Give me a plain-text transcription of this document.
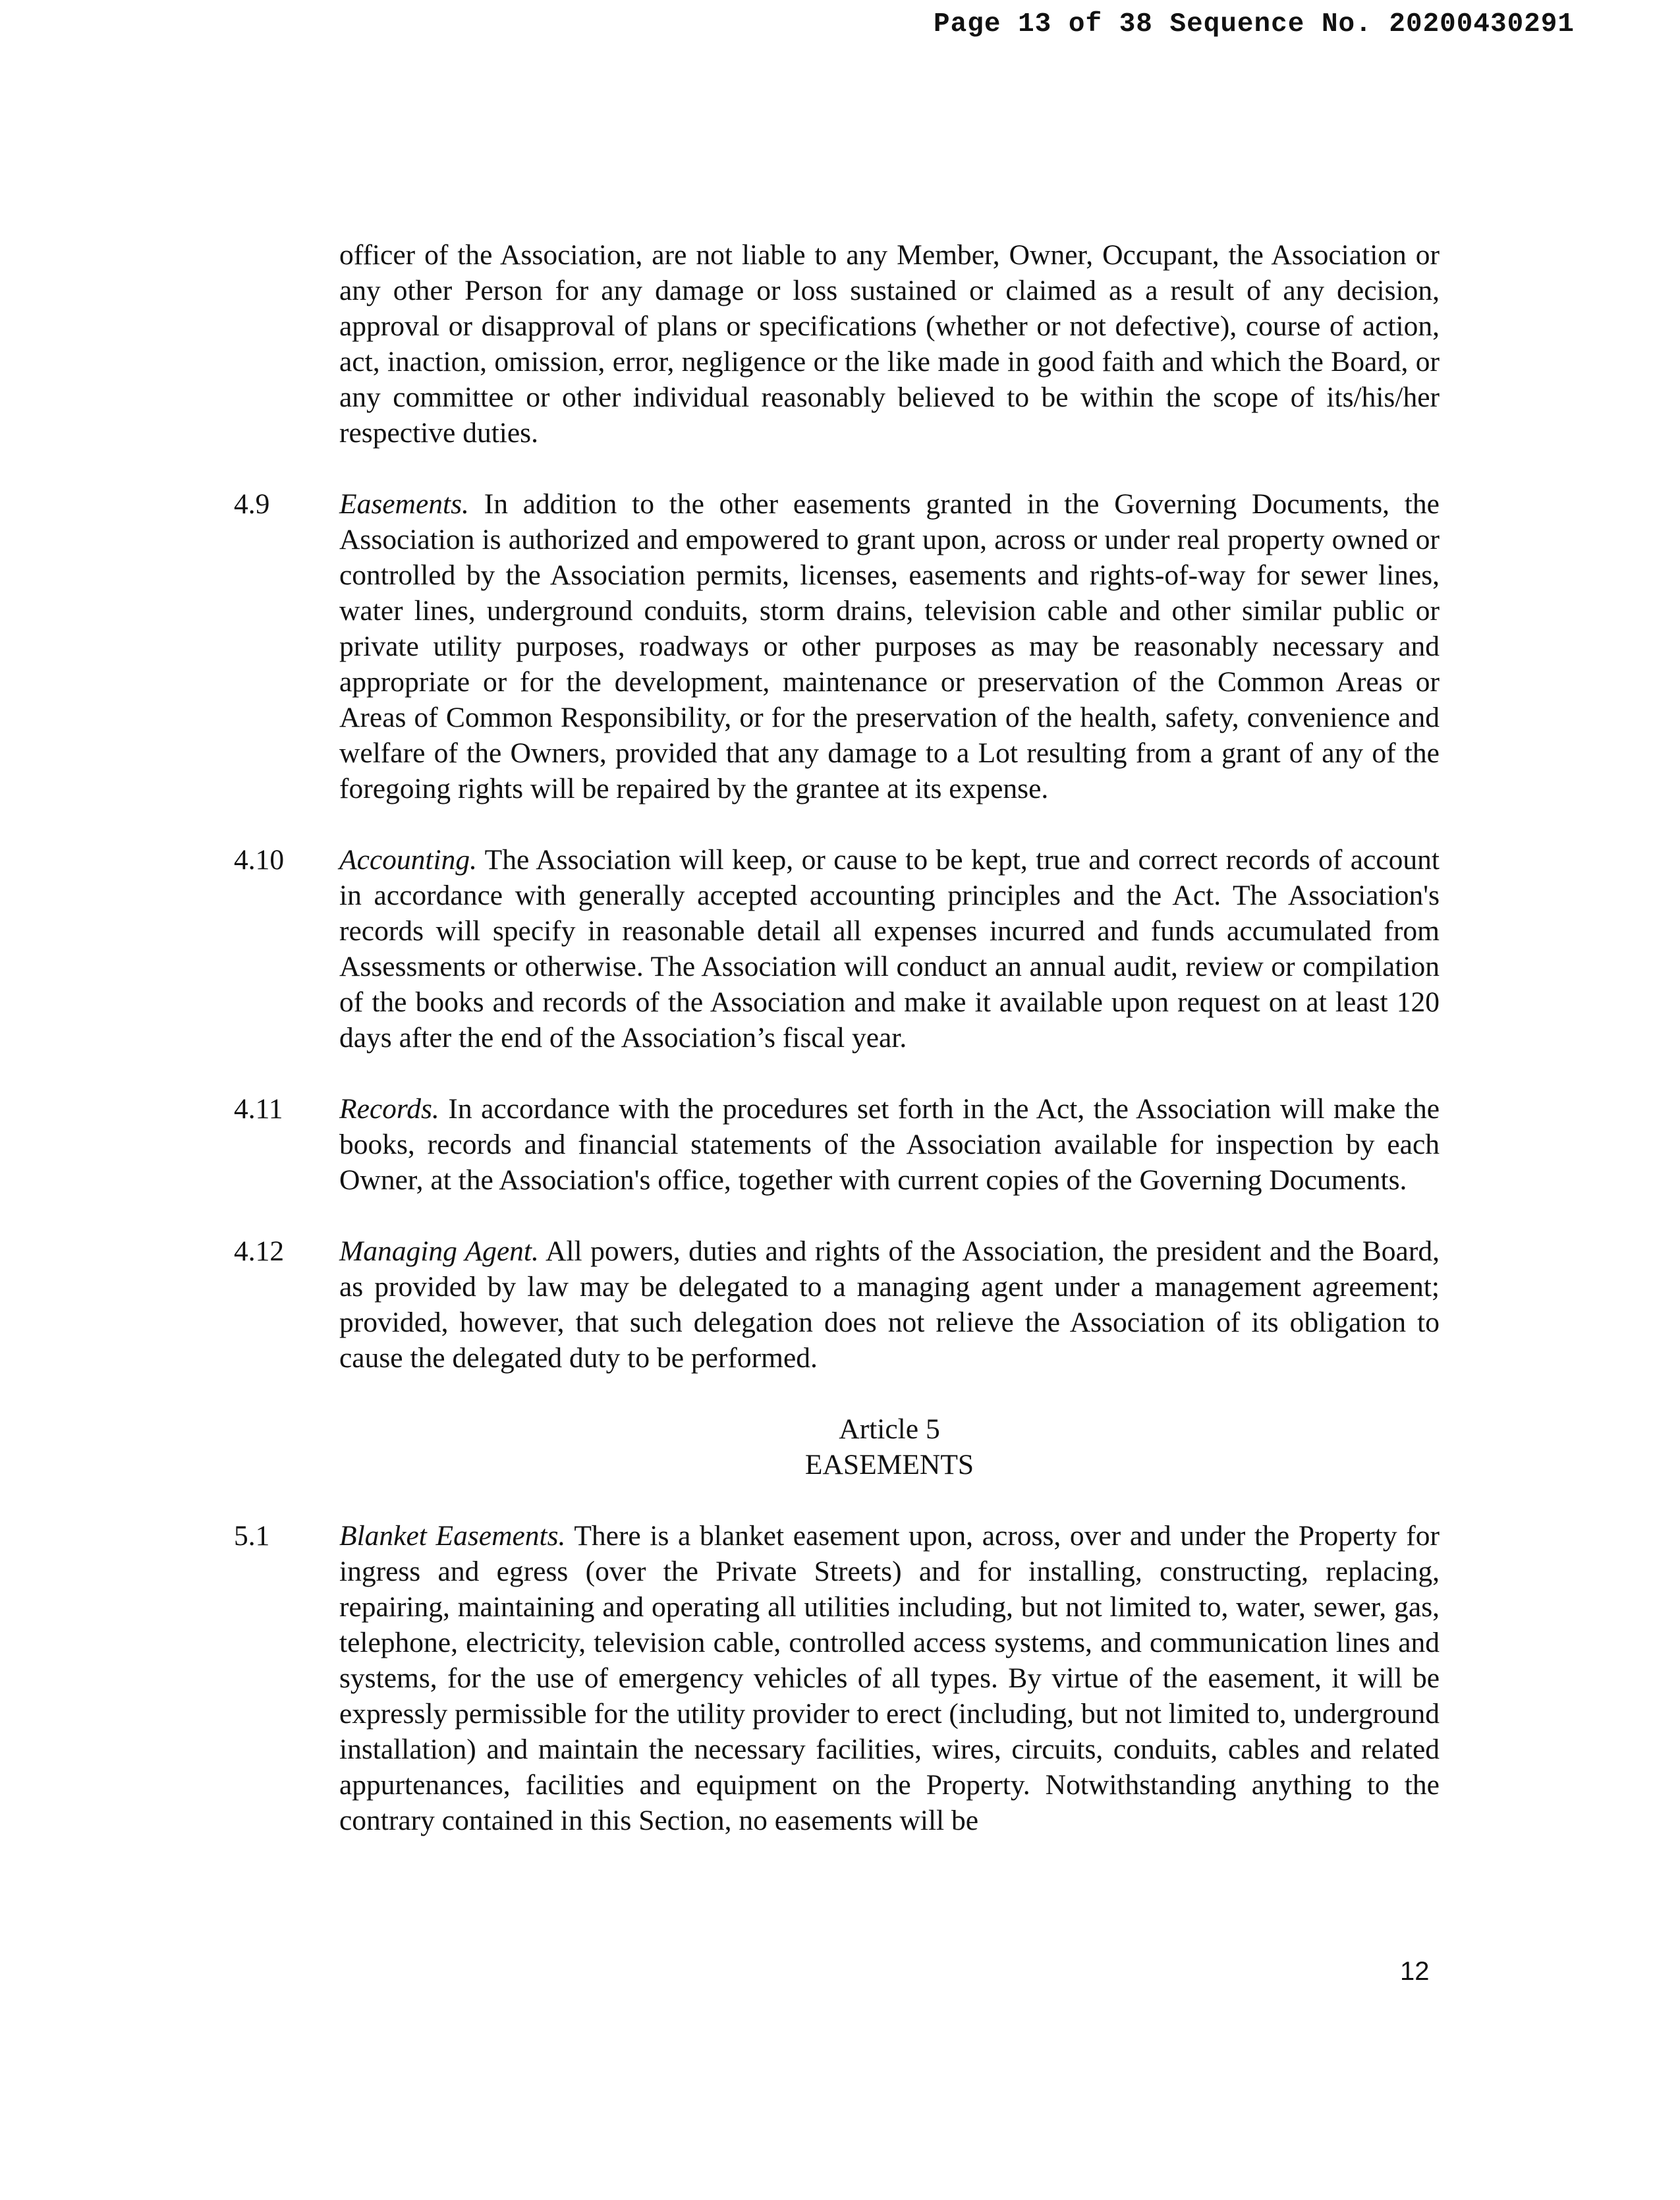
Page 13 of 38 Sequence No. 20200430291

officer of the Association, are not liable to any Member, Owner, Occupant, the Association or any other Person for any damage or loss sustained or claimed as a result of any decision, approval or disapproval of plans or specifications (whether or not defective), course of action, act, inaction, omission, error, negligence or the like made in good faith and which the Board, or any committee or other individual reasonably believed to be within the scope of its/his/her respective duties.

4.9	Easements. In addition to the other easements granted in the Governing Documents, the Association is authorized and empowered to grant upon, across or under real property owned or controlled by the Association permits, licenses, easements and rights-of-way for sewer lines, water lines, underground conduits, storm drains, television cable and other similar public or private utility purposes, roadways or other purposes as may be reasonably necessary and appropriate or for the development, maintenance or preservation of the Common Areas or Areas of Common Responsibility, or for the preservation of the health, safety, convenience and welfare of the Owners, provided that any damage to a Lot resulting from a grant of any of the foregoing rights will be repaired by the grantee at its expense.
4.10	Accounting. The Association will keep, or cause to be kept, true and correct records of account in accordance with generally accepted accounting principles and the Act. The Association's records will specify in reasonable detail all expenses incurred and funds accumulated from Assessments or otherwise. The Association will conduct an annual audit, review or compilation of the books and records of the Association and make it available upon request on at least 120 days after the end of the Association’s fiscal year.
4.11	Records. In accordance with the procedures set forth in the Act, the Association will make the books, records and financial statements of the Association available for inspection by each Owner, at the Association's office, together with current copies of the Governing Documents.
4.12	Managing Agent. All powers, duties and rights of the Association, the president and the Board, as provided by law may be delegated to a managing agent under a management agreement; provided, however, that such delegation does not relieve the Association of its obligation to cause the delegated duty to be performed.
Article 5
EASEMENTS
5.1	Blanket Easements. There is a blanket easement upon, across, over and under the Property for ingress and egress (over the Private Streets) and for installing, constructing, replacing, repairing, maintaining and operating all utilities including, but not limited to, water, sewer, gas, telephone, electricity, television cable, controlled access systems, and communication lines and systems, for the use of emergency vehicles of all types. By virtue of the easement, it will be expressly permissible for the utility provider to erect (including, but not limited to, underground installation) and maintain the necessary facilities, wires, circuits, conduits, cables and related appurtenances, facilities and equipment on the Property. Notwithstanding anything to the contrary contained in this Section, no easements will be
12
